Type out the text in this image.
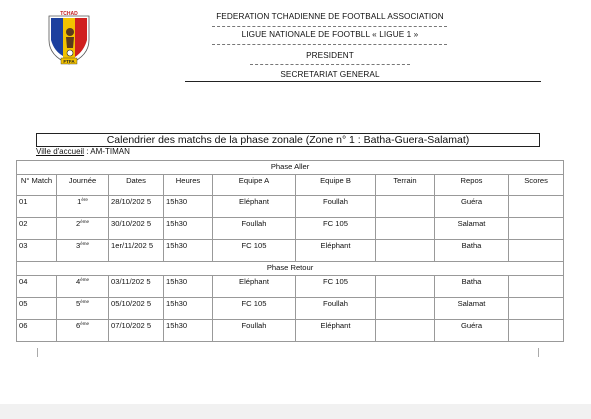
TCHAD
FTFA
FEDERATION TCHADIENNE DE FOOTBALL ASSOCIATION
LIGUE NATIONALE DE FOOTBLL « LIGUE 1 »
PRESIDENT
SECRETARIAT GENERAL
Calendrier des matchs de la phase zonale (Zone n° 1 : Batha-Guera-Salamat)
Ville d'accueil : AM-TIMAN
Phase Aller								
N° Match	Journée	Dates	Heures	Equipe A	Equipe B	Terrain	Repos	Scores
01	1ère	28/10/202 5	15h30	Eléphant	Foullah		Guéra	
02	2ème	30/10/202 5	15h30	Foullah	FC 105		Salamat	
03	3ème	1er/11/202 5	15h30	FC 105	Eléphant		Batha	
Phase Retour								
04	4ème	03/11/202 5	15h30	Eléphant	FC 105		Batha	
05	5ème	05/10/202 5	15h30	FC 105	Foullah		Salamat	
06	6ème	07/10/202 5	15h30	Foullah	Eléphant		Guéra	
